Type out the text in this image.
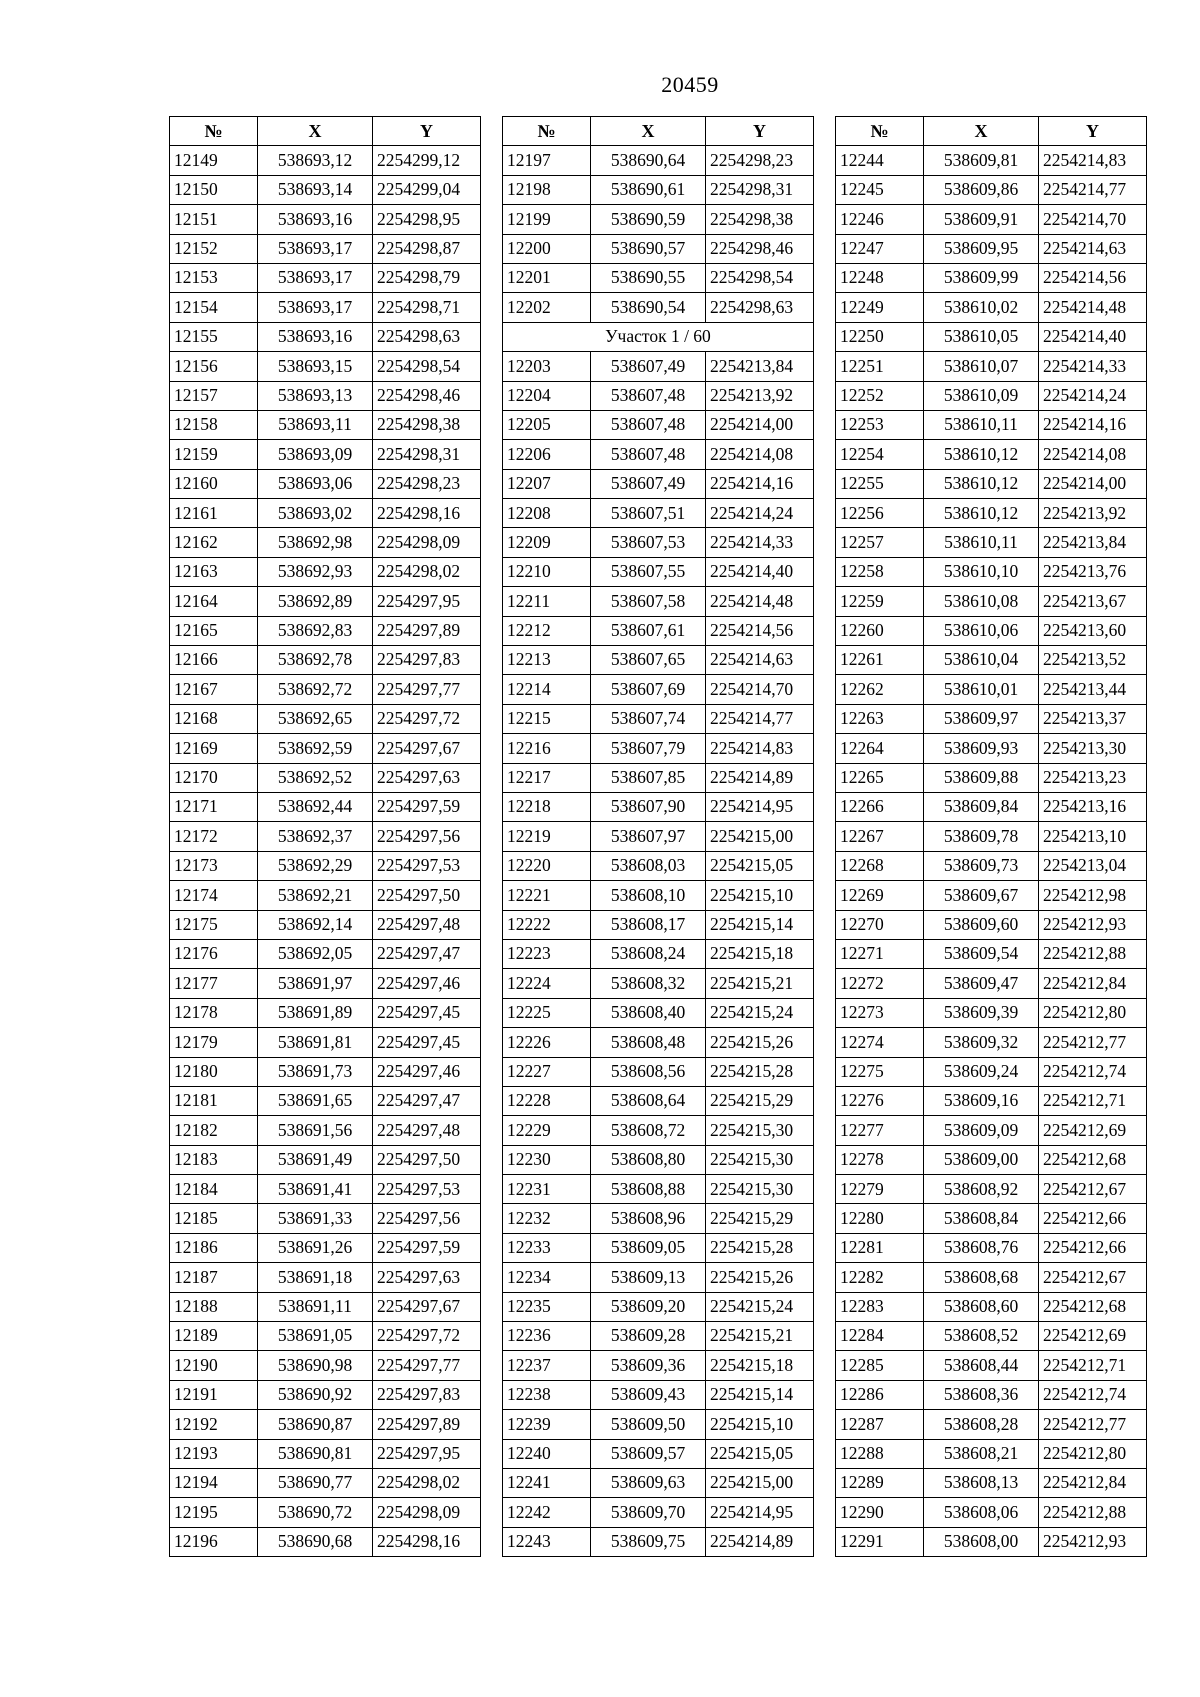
20459
№	X	Y
12149	538693,12	2254299,12
12150	538693,14	2254299,04
12151	538693,16	2254298,95
12152	538693,17	2254298,87
12153	538693,17	2254298,79
12154	538693,17	2254298,71
12155	538693,16	2254298,63
12156	538693,15	2254298,54
12157	538693,13	2254298,46
12158	538693,11	2254298,38
12159	538693,09	2254298,31
12160	538693,06	2254298,23
12161	538693,02	2254298,16
12162	538692,98	2254298,09
12163	538692,93	2254298,02
12164	538692,89	2254297,95
12165	538692,83	2254297,89
12166	538692,78	2254297,83
12167	538692,72	2254297,77
12168	538692,65	2254297,72
12169	538692,59	2254297,67
12170	538692,52	2254297,63
12171	538692,44	2254297,59
12172	538692,37	2254297,56
12173	538692,29	2254297,53
12174	538692,21	2254297,50
12175	538692,14	2254297,48
12176	538692,05	2254297,47
12177	538691,97	2254297,46
12178	538691,89	2254297,45
12179	538691,81	2254297,45
12180	538691,73	2254297,46
12181	538691,65	2254297,47
12182	538691,56	2254297,48
12183	538691,49	2254297,50
12184	538691,41	2254297,53
12185	538691,33	2254297,56
12186	538691,26	2254297,59
12187	538691,18	2254297,63
12188	538691,11	2254297,67
12189	538691,05	2254297,72
12190	538690,98	2254297,77
12191	538690,92	2254297,83
12192	538690,87	2254297,89
12193	538690,81	2254297,95
12194	538690,77	2254298,02
12195	538690,72	2254298,09
12196	538690,68	2254298,16
№	X	Y
12197	538690,64	2254298,23
12198	538690,61	2254298,31
12199	538690,59	2254298,38
12200	538690,57	2254298,46
12201	538690,55	2254298,54
12202	538690,54	2254298,63
Участок 1 / 60		
12203	538607,49	2254213,84
12204	538607,48	2254213,92
12205	538607,48	2254214,00
12206	538607,48	2254214,08
12207	538607,49	2254214,16
12208	538607,51	2254214,24
12209	538607,53	2254214,33
12210	538607,55	2254214,40
12211	538607,58	2254214,48
12212	538607,61	2254214,56
12213	538607,65	2254214,63
12214	538607,69	2254214,70
12215	538607,74	2254214,77
12216	538607,79	2254214,83
12217	538607,85	2254214,89
12218	538607,90	2254214,95
12219	538607,97	2254215,00
12220	538608,03	2254215,05
12221	538608,10	2254215,10
12222	538608,17	2254215,14
12223	538608,24	2254215,18
12224	538608,32	2254215,21
12225	538608,40	2254215,24
12226	538608,48	2254215,26
12227	538608,56	2254215,28
12228	538608,64	2254215,29
12229	538608,72	2254215,30
12230	538608,80	2254215,30
12231	538608,88	2254215,30
12232	538608,96	2254215,29
12233	538609,05	2254215,28
12234	538609,13	2254215,26
12235	538609,20	2254215,24
12236	538609,28	2254215,21
12237	538609,36	2254215,18
12238	538609,43	2254215,14
12239	538609,50	2254215,10
12240	538609,57	2254215,05
12241	538609,63	2254215,00
12242	538609,70	2254214,95
12243	538609,75	2254214,89
№	X	Y
12244	538609,81	2254214,83
12245	538609,86	2254214,77
12246	538609,91	2254214,70
12247	538609,95	2254214,63
12248	538609,99	2254214,56
12249	538610,02	2254214,48
12250	538610,05	2254214,40
12251	538610,07	2254214,33
12252	538610,09	2254214,24
12253	538610,11	2254214,16
12254	538610,12	2254214,08
12255	538610,12	2254214,00
12256	538610,12	2254213,92
12257	538610,11	2254213,84
12258	538610,10	2254213,76
12259	538610,08	2254213,67
12260	538610,06	2254213,60
12261	538610,04	2254213,52
12262	538610,01	2254213,44
12263	538609,97	2254213,37
12264	538609,93	2254213,30
12265	538609,88	2254213,23
12266	538609,84	2254213,16
12267	538609,78	2254213,10
12268	538609,73	2254213,04
12269	538609,67	2254212,98
12270	538609,60	2254212,93
12271	538609,54	2254212,88
12272	538609,47	2254212,84
12273	538609,39	2254212,80
12274	538609,32	2254212,77
12275	538609,24	2254212,74
12276	538609,16	2254212,71
12277	538609,09	2254212,69
12278	538609,00	2254212,68
12279	538608,92	2254212,67
12280	538608,84	2254212,66
12281	538608,76	2254212,66
12282	538608,68	2254212,67
12283	538608,60	2254212,68
12284	538608,52	2254212,69
12285	538608,44	2254212,71
12286	538608,36	2254212,74
12287	538608,28	2254212,77
12288	538608,21	2254212,80
12289	538608,13	2254212,84
12290	538608,06	2254212,88
12291	538608,00	2254212,93
